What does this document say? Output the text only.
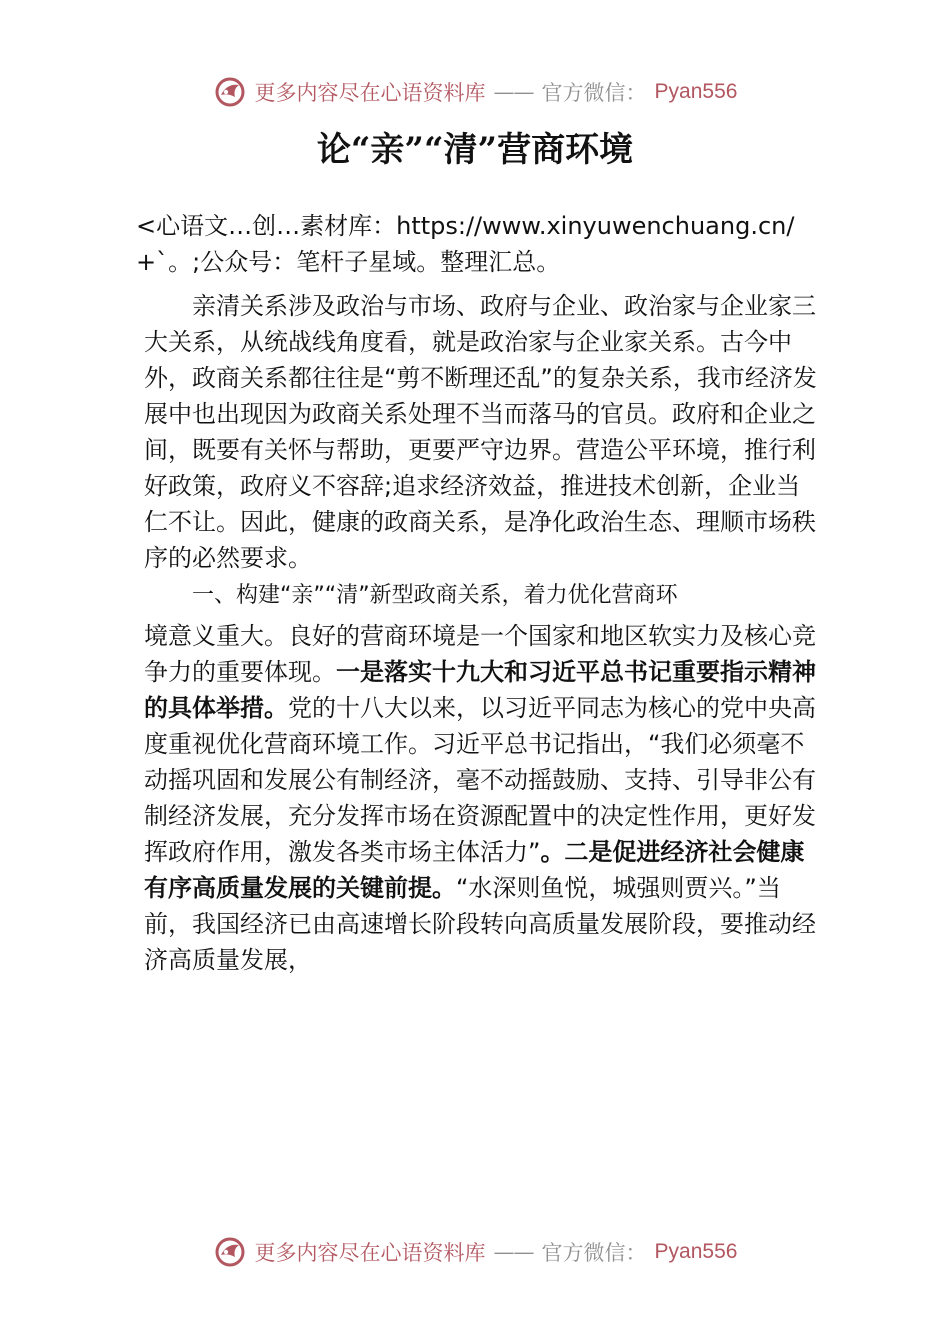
更多内容尽在心语资料库 —— 官方微信： Pyan556
论“亲”“清”营商环境

<心语文…创…素材库：https://www.xinyuwenchuang.cn/

+`。;公众号：笔杆子星域。整理汇总。

亲清关系涉及政治与市场、政府与企业、政治家与企业家三大关系，从统战线角度看，就是政治家与企业家关系。古今中外，政商关系都往往是“剪不断理还乱”的复杂关系，我市经济发展中也出现因为政商关系处理不当而落马的官员。政府和企业之间，既要有关怀与帮助，更要严守边界。营造公平环境，推行利好政策，政府义不容辞;追求经济效益，推进技术创新，企业当仁不让。因此，健康的政商关系，是净化政治生态、理顺市场秩序的必然要求。

一、构建“亲”“清”新型政商关系，着力优化营商环

境意义重大。良好的营商环境是一个国家和地区软实力及核心竞争力的重要体现。一是落实十九大和习近平总书记重要指示精神的具体举措。党的十八大以来，以习近平同志为核心的党中央高度重视优化营商环境工作。习近平总书记指出，“我们必须毫不动摇巩固和发展公有制经济，毫不动摇鼓励、支持、引导非公有制经济发展，充分发挥市场在资源配置中的决定性作用，更好发挥政府作用，激发各类市场主体活力”。二是促进经济社会健康有序高质量发展的关键前提。“水深则鱼悦，城强则贾兴。”当前，我国经济已由高速增长阶段转向高质量发展阶段，要推动经济高质量发展，

更多内容尽在心语资料库 —— 官方微信： Pyan556
